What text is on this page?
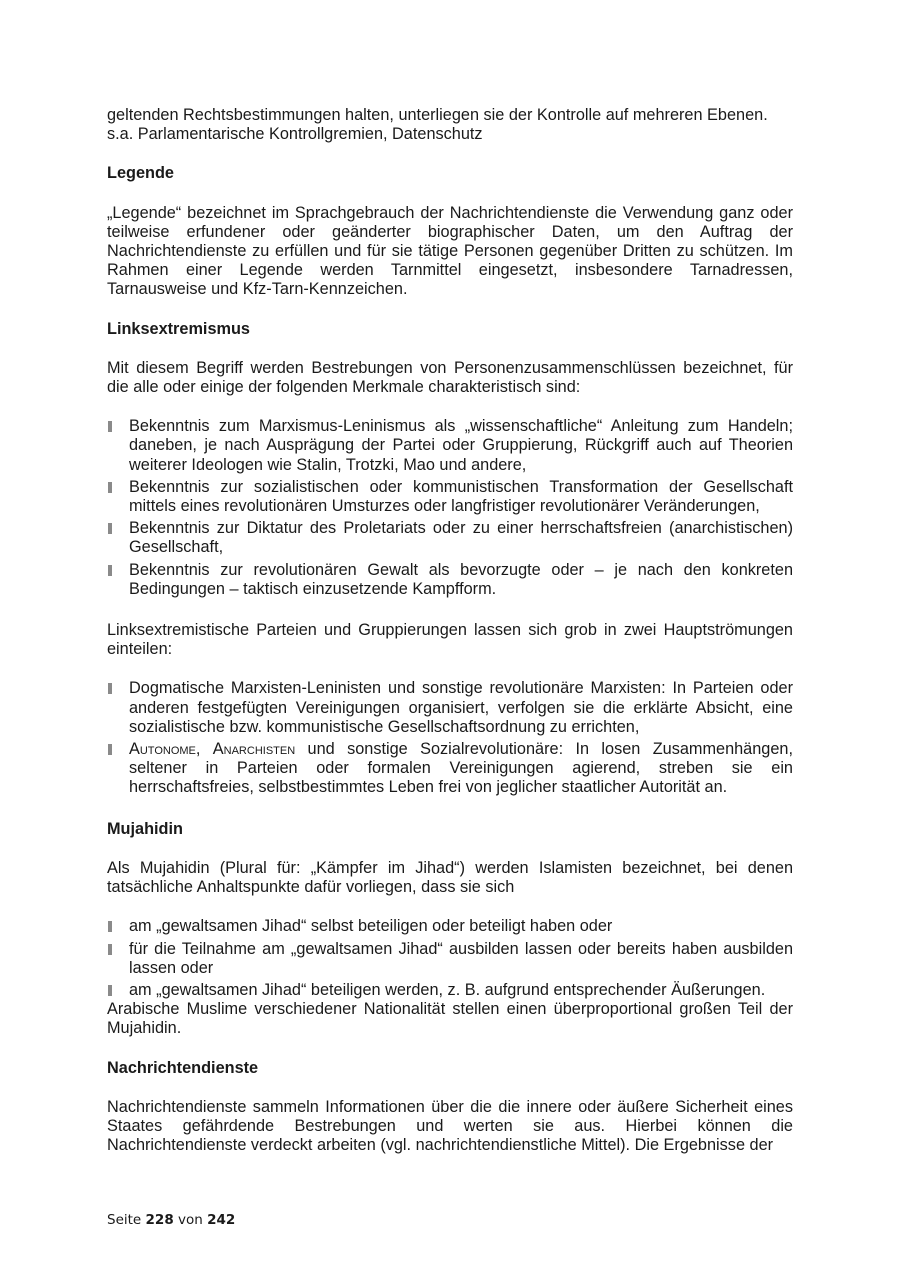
geltenden Rechtsbestimmungen halten, unterliegen sie der Kontrolle auf mehreren Ebenen.

s.a. Parlamentarische Kontrollgremien, Datenschutz

Legende

„Legende“ bezeichnet im Sprachgebrauch der Nachrichtendienste die Verwendung ganz oder teilweise erfundener oder geänderter biographischer Daten, um den Auftrag der Nachrichtendienste zu erfüllen und für sie tätige Personen gegenüber Dritten zu schützen. Im Rahmen einer Legende werden Tarnmittel eingesetzt, insbesondere Tarnadressen, Tarnausweise und Kfz-Tarn-Kennzeichen.

Linksextremismus

Mit diesem Begriff werden Bestrebungen von Personenzusammenschlüssen bezeichnet, für die alle oder einige der folgenden Merkmale charakteristisch sind:

Bekenntnis zum Marxismus-Leninismus als „wissenschaftliche“ Anleitung zum Handeln; daneben, je nach Ausprägung der Partei oder Gruppierung, Rückgriff auch auf Theorien weiterer Ideologen wie Stalin, Trotzki, Mao und andere,
Bekenntnis zur sozialistischen oder kommunistischen Transformation der Gesellschaft mittels eines revolutionären Umsturzes oder langfristiger revolutionärer Veränderungen,
Bekenntnis zur Diktatur des Proletariats oder zu einer herrschaftsfreien (anarchistischen) Gesellschaft,
Bekenntnis zur revolutionären Gewalt als bevorzugte oder – je nach den konkreten Bedingungen – taktisch einzusetzende Kampfform.

Linksextremistische Parteien und Gruppierungen lassen sich grob in zwei Hauptströmungen einteilen:

Dogmatische Marxisten-Leninisten und sonstige revolutionäre Marxisten: In Parteien oder anderen festgefügten Vereinigungen organisiert, verfolgen sie die erklärte Absicht, eine sozialistische bzw. kommunistische Gesellschaftsordnung zu errichten,
Autonome, Anarchisten und sonstige Sozialrevolutionäre: In losen Zusammenhängen, seltener in Parteien oder formalen Vereinigungen agierend, streben sie ein herrschaftsfreies, selbstbestimmtes Leben frei von jeglicher staatlicher Autorität an.

Mujahidin

Als Mujahidin (Plural für: „Kämpfer im Jihad“) werden Islamisten bezeichnet, bei denen tatsächliche Anhaltspunkte dafür vorliegen, dass sie sich

am „gewaltsamen Jihad“ selbst beteiligen oder beteiligt haben oder
für die Teilnahme am „gewaltsamen Jihad“ ausbilden lassen oder bereits haben ausbilden lassen oder
am „gewaltsamen Jihad“ beteiligen werden, z. B. aufgrund entsprechender Äußerungen.

Arabische Muslime verschiedener Nationalität stellen einen überproportional großen Teil der Mujahidin.

Nachrichtendienste

Nachrichtendienste sammeln Informationen über die die innere oder äußere Sicherheit eines Staates gefährdende Bestrebungen und werten sie aus. Hierbei können die Nachrichtendienste verdeckt arbeiten (vgl. nachrichtendienstliche Mittel). Die Ergebnisse der

Seite 228 von 242
